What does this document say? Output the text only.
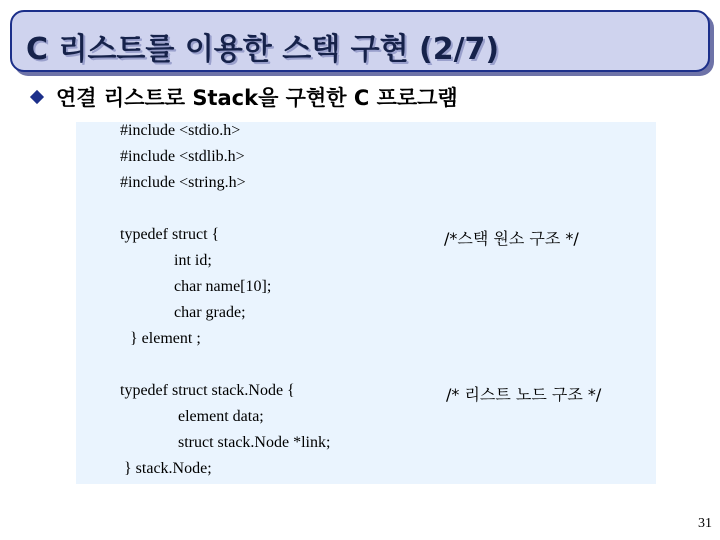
C 리스트를 이용한 스택 구현 (2/7)
연결 리스트로 Stack을 구현한 C 프로그램
#include <stdio.h>
#include <stdlib.h>
#include <string.h>
typedef struct {	/*스택 원소 구조 */
int id;
char name[10];
char grade;
} element ;
typedef struct stack.Node {	/* 리스트 노드 구조 */
element data;
struct stack.Node *link;
} stack.Node;
31
